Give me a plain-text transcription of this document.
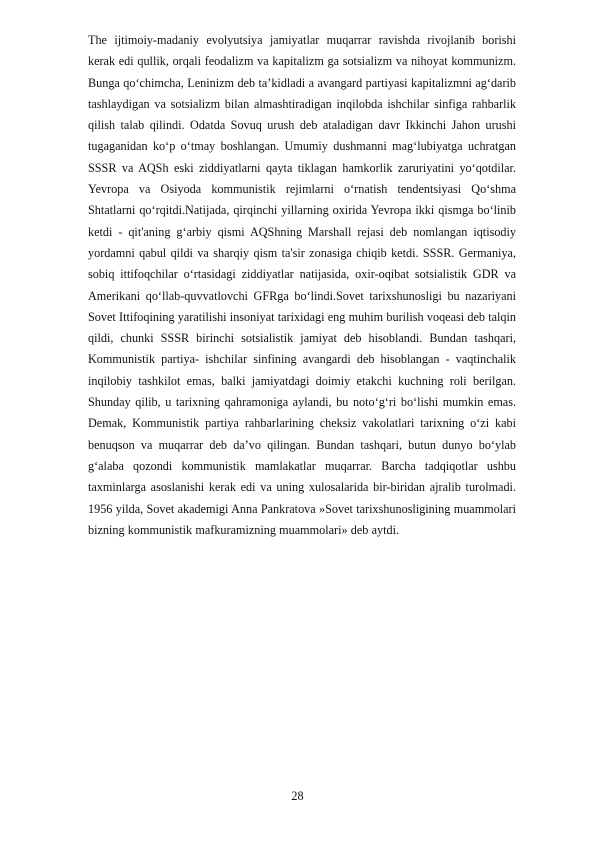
The ijtimoiy-madaniy evolyutsiya jamiyatlar muqarrar ravishda rivojlanib borishi kerak edi qullik, orqali feodalizm va kapitalizm ga sotsializm va nihoyat kommunizm. Bunga qo‘chimcha, Leninizm deb ta’kidladi a avangard partiyasi kapitalizmni ag‘darib tashlaydigan va sotsializm bilan almashtiradigan inqilobda ishchilar sinfiga rahbarlik qilish talab qilindi. Odatda Sovuq urush deb ataladigan davr Ikkinchi Jahon urushi tugaganidan ko‘p o‘tmay boshlangan. Umumiy dushmanni mag‘lubiyatga uchratgan SSSR va AQSh eski ziddiyatlarni qayta tiklagan hamkorlik zaruriyatini yo‘qotdilar. Yevropa va Osiyoda kommunistik rejimlarni o‘rnatish tendentsiyasi Qo‘shma Shtatlarni qo‘rqitdi.Natijada, qirqinchi yillarning oxirida Yevropa ikki qismga bo‘linib ketdi - qit'aning g‘arbiy qismi AQShning Marshall rejasi deb nomlangan iqtisodiy yordamni qabul qildi va sharqiy qism ta'sir zonasiga chiqib ketdi. SSSR. Germaniya, sobiq ittifoqchilar o‘rtasidagi ziddiyatlar natijasida, oxir-oqibat sotsialistik GDR va Amerikani qo‘llab-quvvatlovchi GFRga bo‘lindi.Sovet tarixshunosligi bu nazariyani Sovet Ittifoqining yaratilishi insoniyat tarixidagi eng muhim burilish voqeasi deb talqin qildi, chunki SSSR birinchi sotsialistik jamiyat deb hisoblandi. Bundan tashqari, Kommunistik partiya- ishchilar sinfining avangardi deb hisoblangan - vaqtinchalik inqilobiy tashkilot emas, balki jamiyatdagi doimiy etakchi kuchning roli berilgan. Shunday qilib, u tarixning qahramoniga aylandi, bu noto‘g‘ri bo‘lishi mumkin emas. Demak, Kommunistik partiya rahbarlarining cheksiz vakolatlari tarixning o‘zi kabi benuqson va muqarrar deb da’vo qilingan. Bundan tashqari, butun dunyo bo‘ylab g‘alaba qozondi kommunistik mamlakatlar muqarrar. Barcha tadqiqotlar ushbu taxminlarga asoslanishi kerak edi va uning xulosalarida bir-biridan ajralib turolmadi. 1956 yilda, Sovet akademigi Anna Pankratova »Sovet tarixshunosligining muammolari bizning kommunistik mafkuramizning muammolari» deb aytdi.

28
